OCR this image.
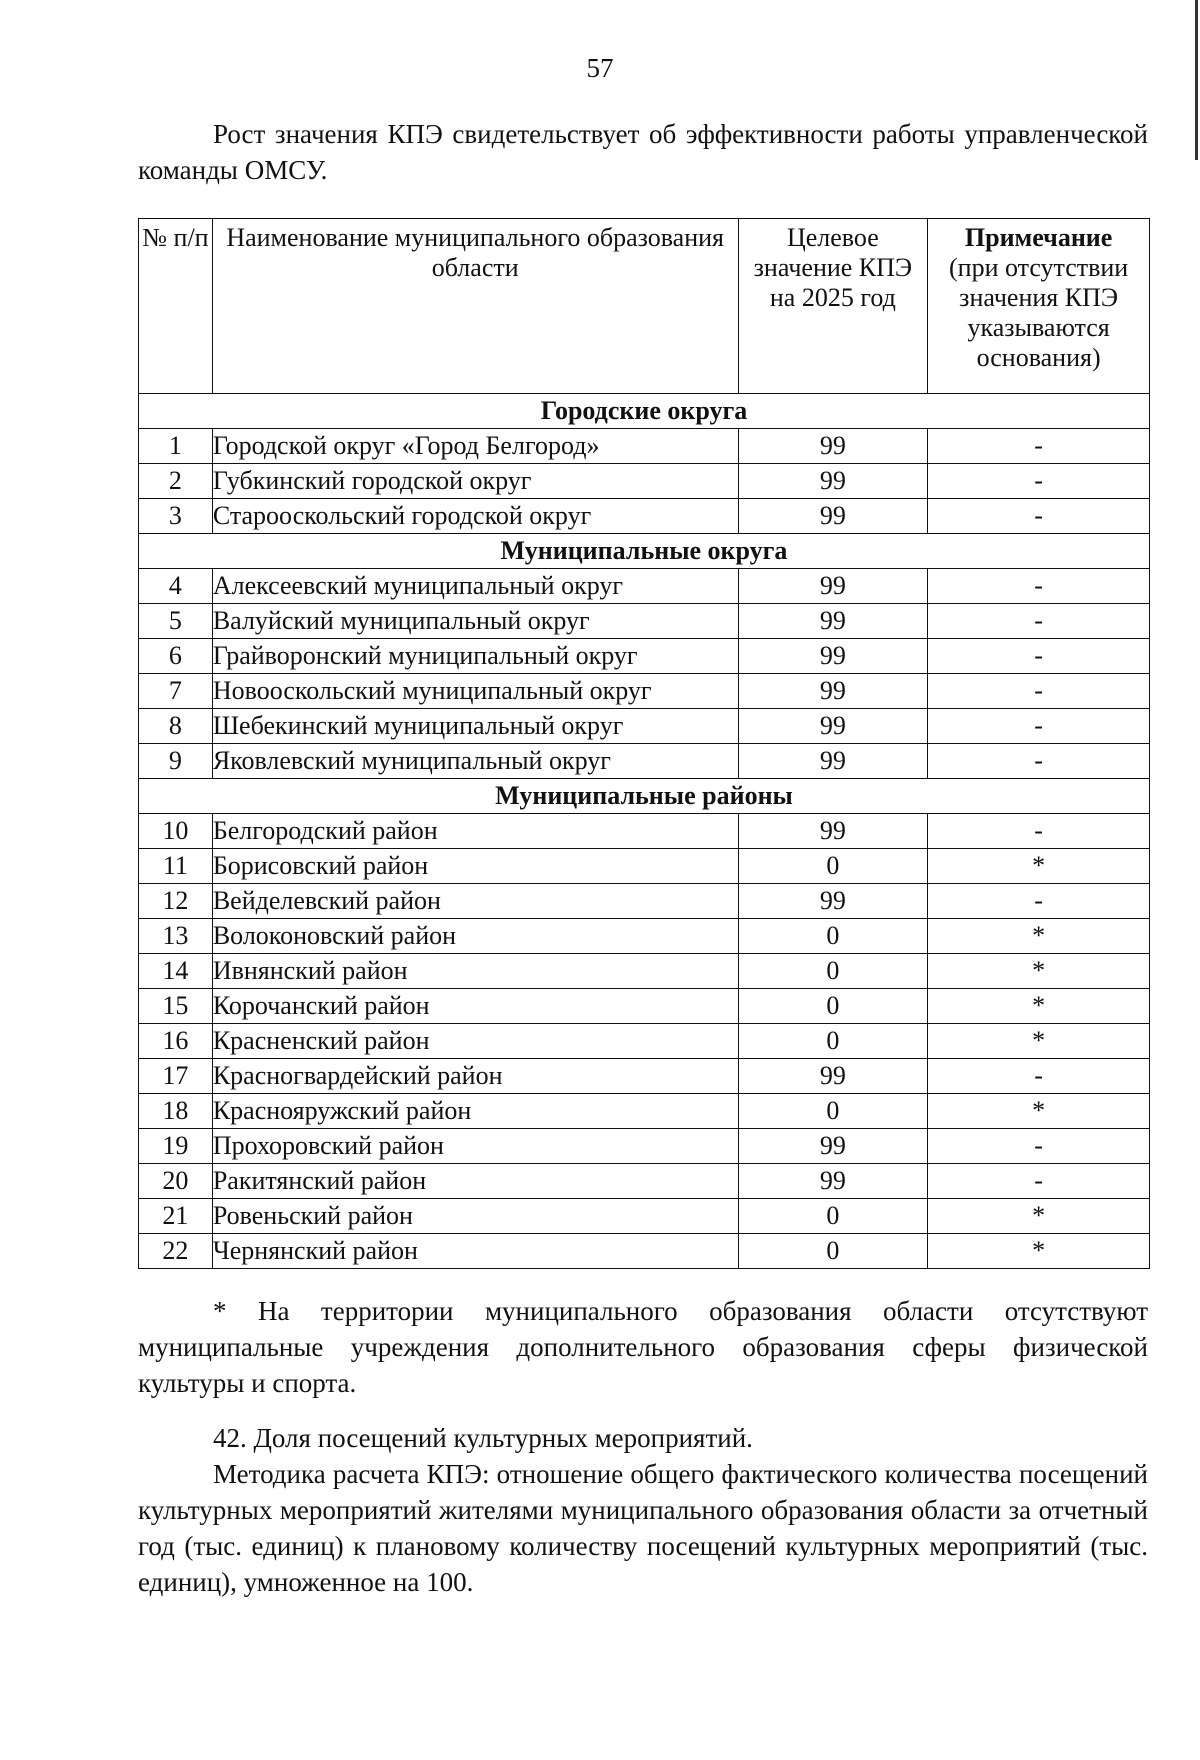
57

Рост значения КПЭ свидетельствует об эффективности работы управленческой команды ОМСУ.

№ п/п	Наименование муниципального образования области	Целевое значение КПЭ на 2025 год	Примечание
(при отсутствии значения КПЭ указываются основания)
Городские округа			
1	Городской округ «Город Белгород»	99	-
2	Губкинский городской округ	99	-
3	Старооскольский городской округ	99	-
Муниципальные округа			
4	Алексеевский муниципальный округ	99	-
5	Валуйский муниципальный округ	99	-
6	Грайворонский муниципальный округ	99	-
7	Новооскольский муниципальный округ	99	-
8	Шебекинский муниципальный округ	99	-
9	Яковлевский муниципальный округ	99	-
Муниципальные районы			
10	Белгородский район	99	-
11	Борисовский район	0	*
12	Вейделевский район	99	-
13	Волоконовский район	0	*
14	Ивнянский район	0	*
15	Корочанский район	0	*
16	Красненский район	0	*
17	Красногвардейский район	99	-
18	Краснояружский район	0	*
19	Прохоровский район	99	-
20	Ракитянский район	99	-
21	Ровеньский район	0	*
22	Чернянский район	0	*

* На территории муниципального образования области отсутствуют муниципальные учреждения дополнительного образования сферы физической культуры и спорта.

42. Доля посещений культурных мероприятий.

Методика расчета КПЭ: отношение общего фактического количества посещений культурных мероприятий жителями муниципального образования области за отчетный год (тыс. единиц) к плановому количеству посещений культурных мероприятий (тыс. единиц), умноженное на 100.
